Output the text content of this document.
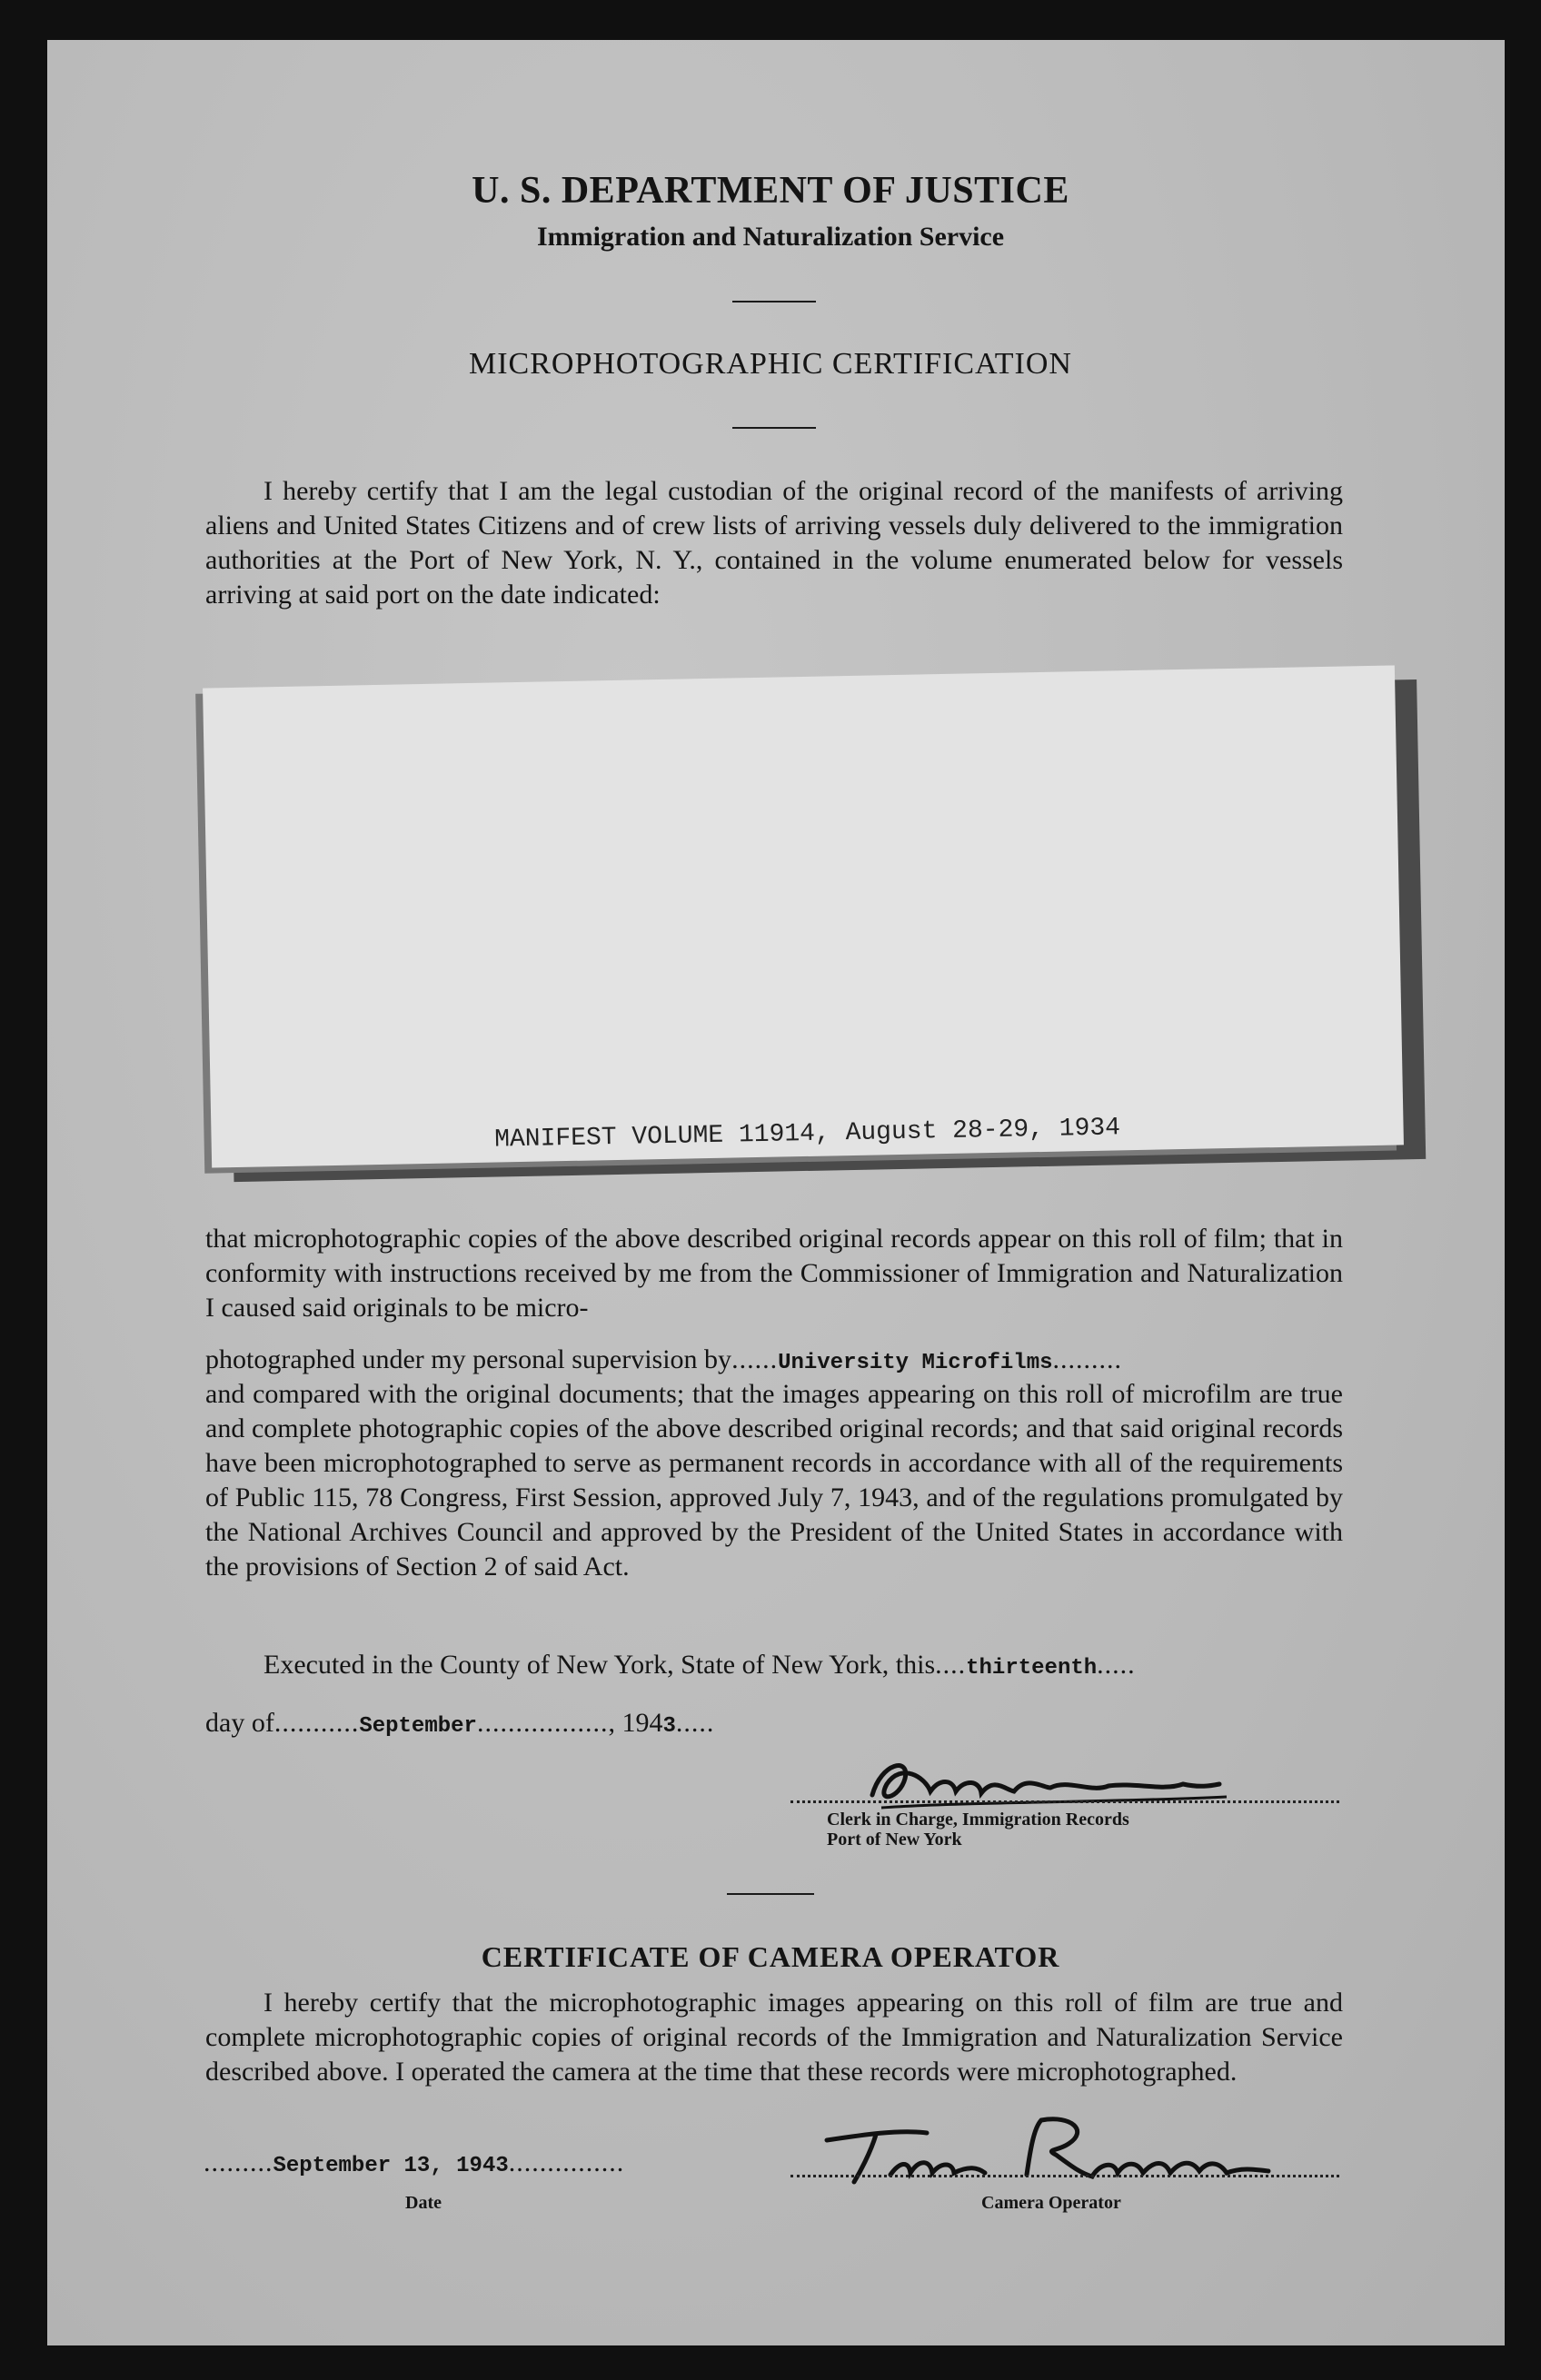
U. S. DEPARTMENT OF JUSTICE
Immigration and Naturalization Service
MICROPHOTOGRAPHIC CERTIFICATION

I hereby certify that I am the legal custodian of the original record of the manifests of arriving aliens and United States Citizens and of crew lists of arriving vessels duly delivered to the immigration authorities at the Port of New York, N. Y., contained in the volume enumerated below for vessels arriving at said port on the date indicated:

MANIFEST VOLUME 11914, August 28-29, 1934

that microphotographic copies of the above described original records appear on this roll of film; that in conformity with instructions received by me from the Commissioner of Immigration and Naturalization I caused said originals to be micro-

photographed under my personal supervision by......University Microfilms.........

and compared with the original documents; that the images appearing on this roll of microfilm are true and complete photographic copies of the above described original records; and that said original records have been microphotographed to serve as permanent records in accordance with all of the requirements of Public 115, 78 Congress, First Session, approved July 7, 1943, and of the regulations promulgated by the National Archives Council and approved by the President of the United States in accordance with the provisions of Section 2 of said Act.

Executed in the County of New York, State of New York, this....thirteenth.....
day of...........September................., 1943.....
Clerk in Charge, Immigration Records
Port of New York
CERTIFICATE OF CAMERA OPERATOR

I hereby certify that the microphotographic images appearing on this roll of film are true and complete microphotographic copies of original records of the Immigration and Naturalization Service described above. I operated the camera at the time that these records were microphotographed.

.........September 13, 1943...............
Date	Camera Operator
